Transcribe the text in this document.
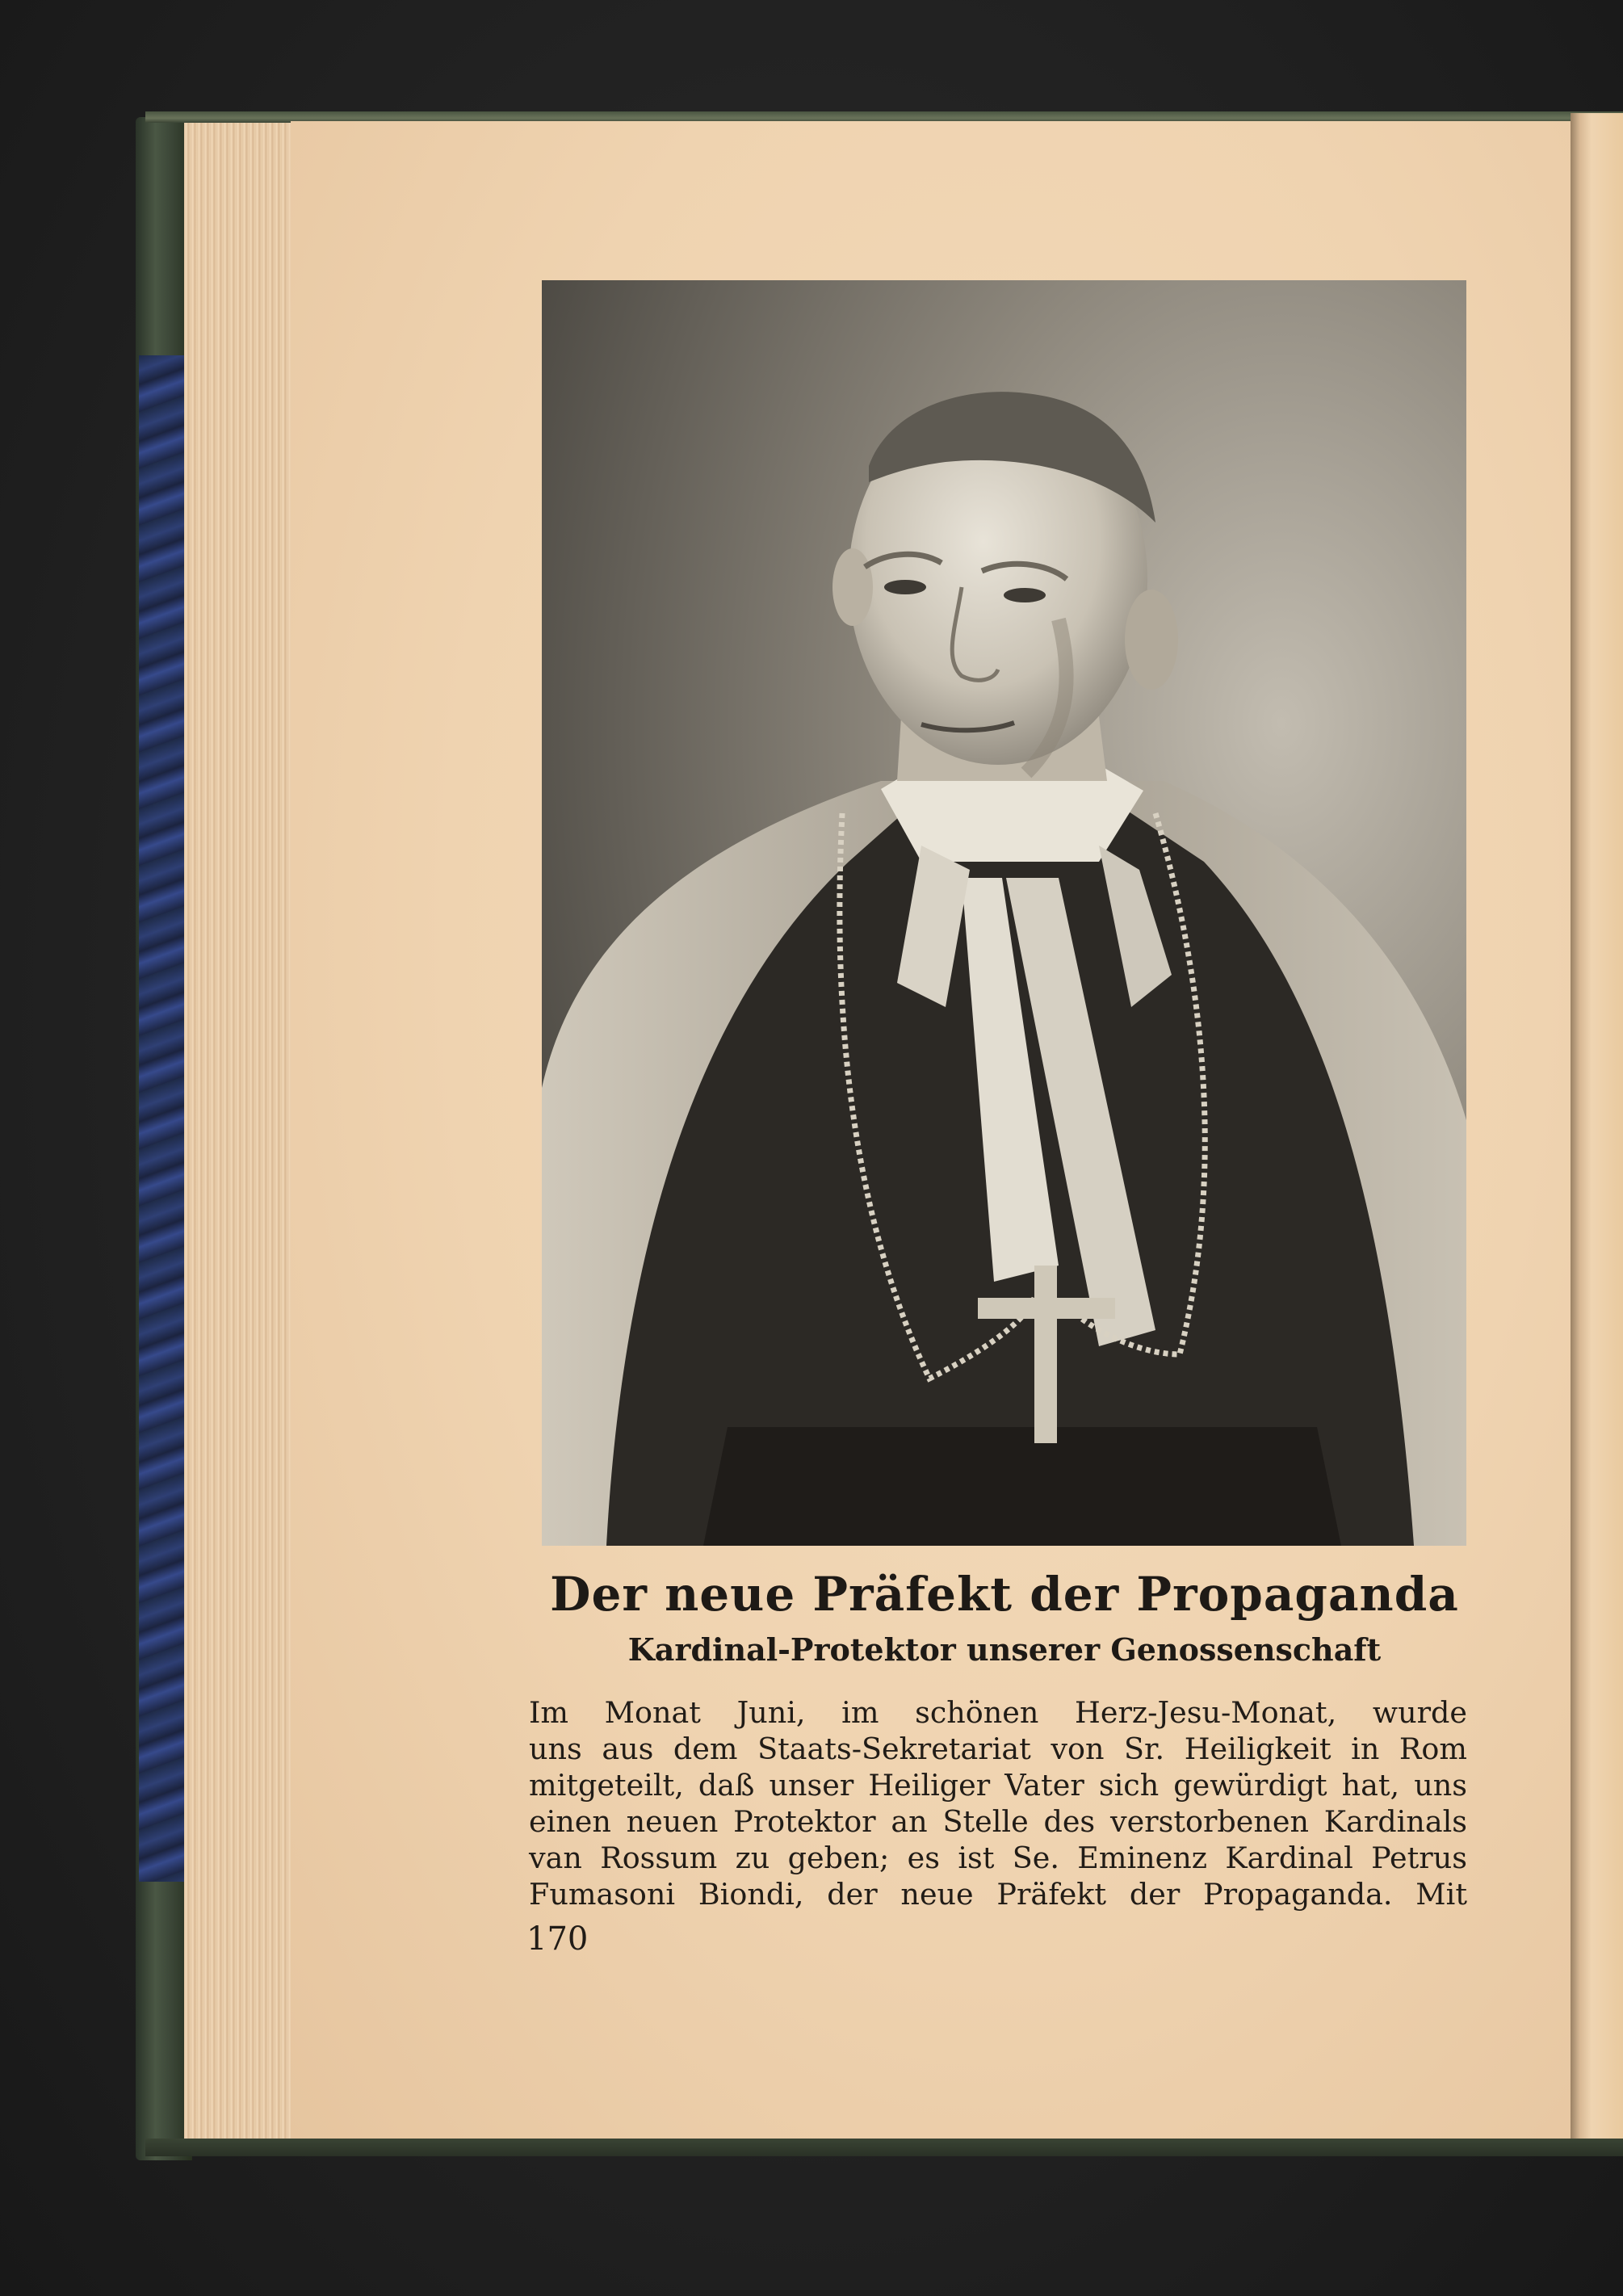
Der neue Präfekt der Propaganda
Kardinal-Protektor unserer Genossenschaft
Im Monat Juni, im schönen Herz-Jesu-Monat, wurde
uns aus dem Staats-Sekretariat von Sr. Heiligkeit in Rom
mitgeteilt, daß unser Heiliger Vater sich gewürdigt hat, uns
einen neuen Protektor an Stelle des verstorbenen Kardinals
van Rossum zu geben; es ist Se. Eminenz Kardinal Petrus
Fumasoni Biondi, der neue Präfekt der Propaganda. Mit
170
